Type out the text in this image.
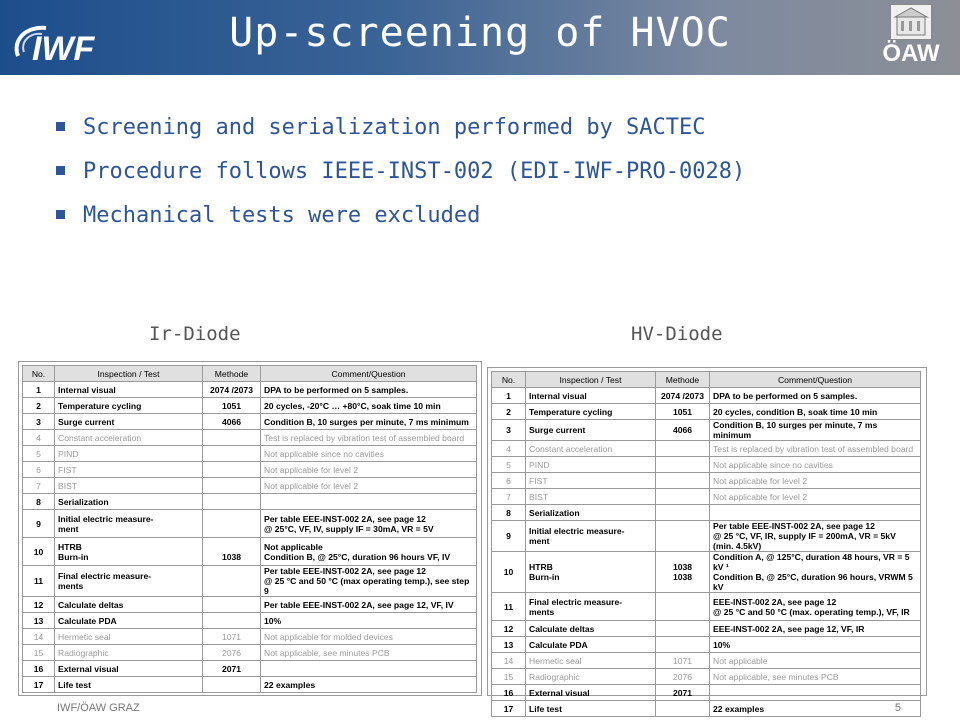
IWF	Up-screening of HVOC	ÖAW
Screening and serialization performed by SACTEC
Procedure follows IEEE-INST-002 (EDI-IWF-PRO-0028)
Mechanical tests were excluded
Ir-Diode	HV-Diode
No.	Inspection / Test	Methode	Comment/Question
1	Internal visual	2074 /2073	DPA to be performed on 5 samples.
2	Temperature cycling	1051	20 cycles, -20°C … +80°C, soak time 10 min
3	Surge current	4066	Condition B, 10 surges per minute, 7 ms minimum
4	Constant acceleration		Test is replaced by vibration test of assembled board
5	PIND		Not applicable since no cavities
6	FIST		Not applicable for level 2
7	BIST		Not applicable for level 2
8	Serialization		
9	Initial electric measure-
ment		Per table EEE-INST-002 2A, see page 12
@ 25°C, VF, IV, supply IF = 30mA, VR = 5V

10	HTRB
Burn-in	1038	Not applicable
Condition B, @ 25°C, duration 96 hours VF, IV

11	Final electric measure-
ments		Per table EEE-INST-002 2A, see page 12
@ 25 °C and 50 °C (max operating temp.), see step 9

12	Calculate deltas		Per table EEE-INST-002 2A, see page 12, VF, IV
13	Calculate PDA		10%
14	Hermetic seal	1071	Not applicable for molded devices
15	Radiographic	2076	Not applicable, see minutes PCB
16	External visual	2071	
17	Life test		22 examples
No.	Inspection / Test	Methode	Comment/Question
1	Internal visual	2074 /2073	DPA to be performed on 5 samples.
2	Temperature cycling	1051	20 cycles, condition B, soak time 10 min
3	Surge current	4066	Condition B, 10 surges per minute, 7 ms minimum
4	Constant acceleration		Test is replaced by vibration test of assembled board
5	PIND		Not applicable since no cavities
6	FIST		Not applicable for level 2
7	BIST		Not applicable for level 2
8	Serialization		
9	Initial electric measure-
ment		Per table EEE-INST-002 2A, see page 12
@ 25 °C, VF, IR, supply IF = 200mA, VR = 5kV (min. 4.5kV)

10	HTRB
Burn-in	1038
1038	Condition A, @ 125°C, duration 48 hours, VR = 5 kV ¹
Condition B, @ 25°C, duration 96 hours, VRWM 5 kV

11	Final electric measure-
ments		EEE-INST-002 2A, see page 12
@ 25 °C and 50 °C (max. operating temp.), VF, IR

12	Calculate deltas		EEE-INST-002 2A, see page 12, VF, IR
13	Calculate PDA		10%
14	Hermetic seal	1071	Not applicable
15	Radiographic	2076	Not applicable, see minutes PCB
16	External visual	2071	
17	Life test		22 examples
IWF/ÖAW GRAZ	5
